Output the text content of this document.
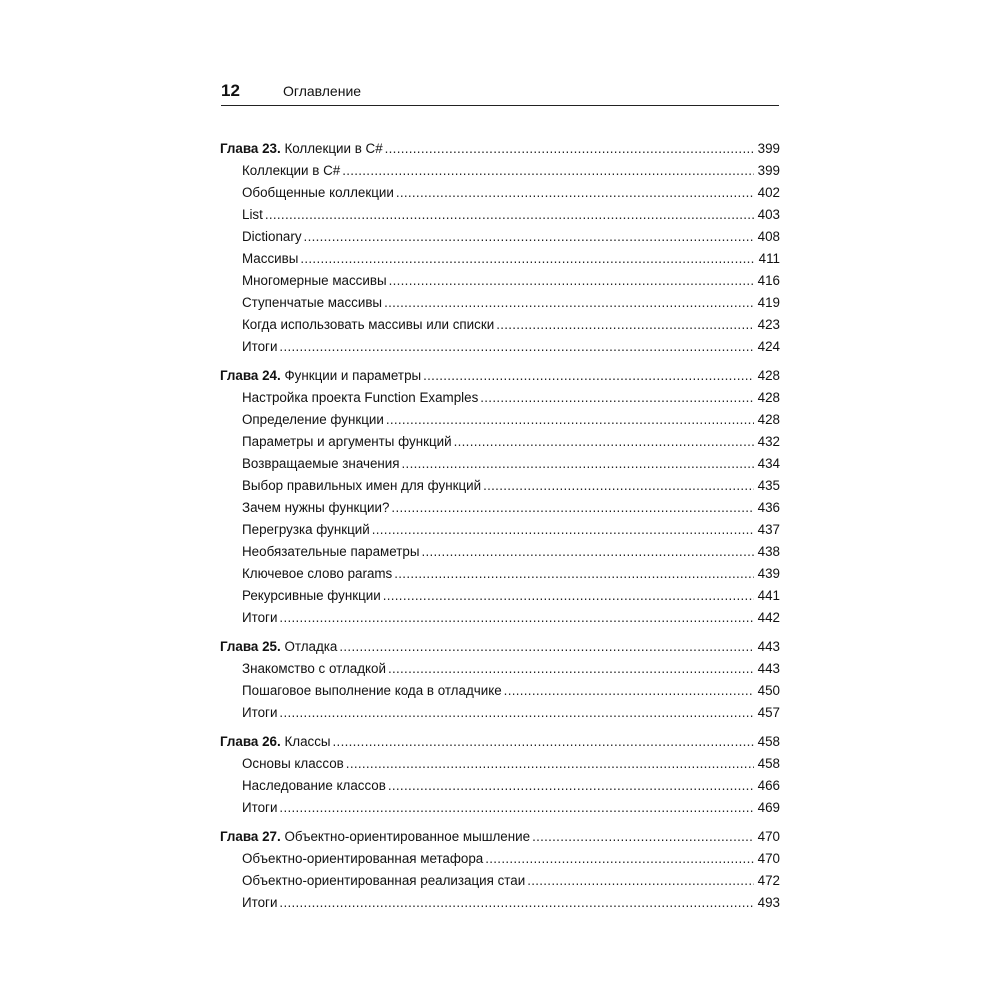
12	Оглавление
Глава 23. Коллекции в C# .....	399
Коллекции в C# .....	399
Обобщенные коллекции .....	402
List .....	403
Dictionary .....	408
Массивы .....	411
Многомерные массивы .....	416
Ступенчатые массивы .....	419
Когда использовать массивы или списки .....	423
Итоги .....	424
Глава 24. Функции и параметры .....	428
Настройка проекта Function Examples .....	428
Определение функции .....	428
Параметры и аргументы функций .....	432
Возвращаемые значения .....	434
Выбор правильных имен для функций .....	435
Зачем нужны функции? .....	436
Перегрузка функций .....	437
Необязательные параметры .....	438
Ключевое слово params .....	439
Рекурсивные функции .....	441
Итоги .....	442
Глава 25. Отладка .....	443
Знакомство с отладкой .....	443
Пошаговое выполнение кода в отладчике .....	450
Итоги .....	457
Глава 26. Классы .....	458
Основы классов .....	458
Наследование классов .....	466
Итоги .....	469
Глава 27. Объектно-ориентированное мышление .....	470
Объектно-ориентированная метафора .....	470
Объектно-ориентированная реализация стаи .....	472
Итоги .....	493
